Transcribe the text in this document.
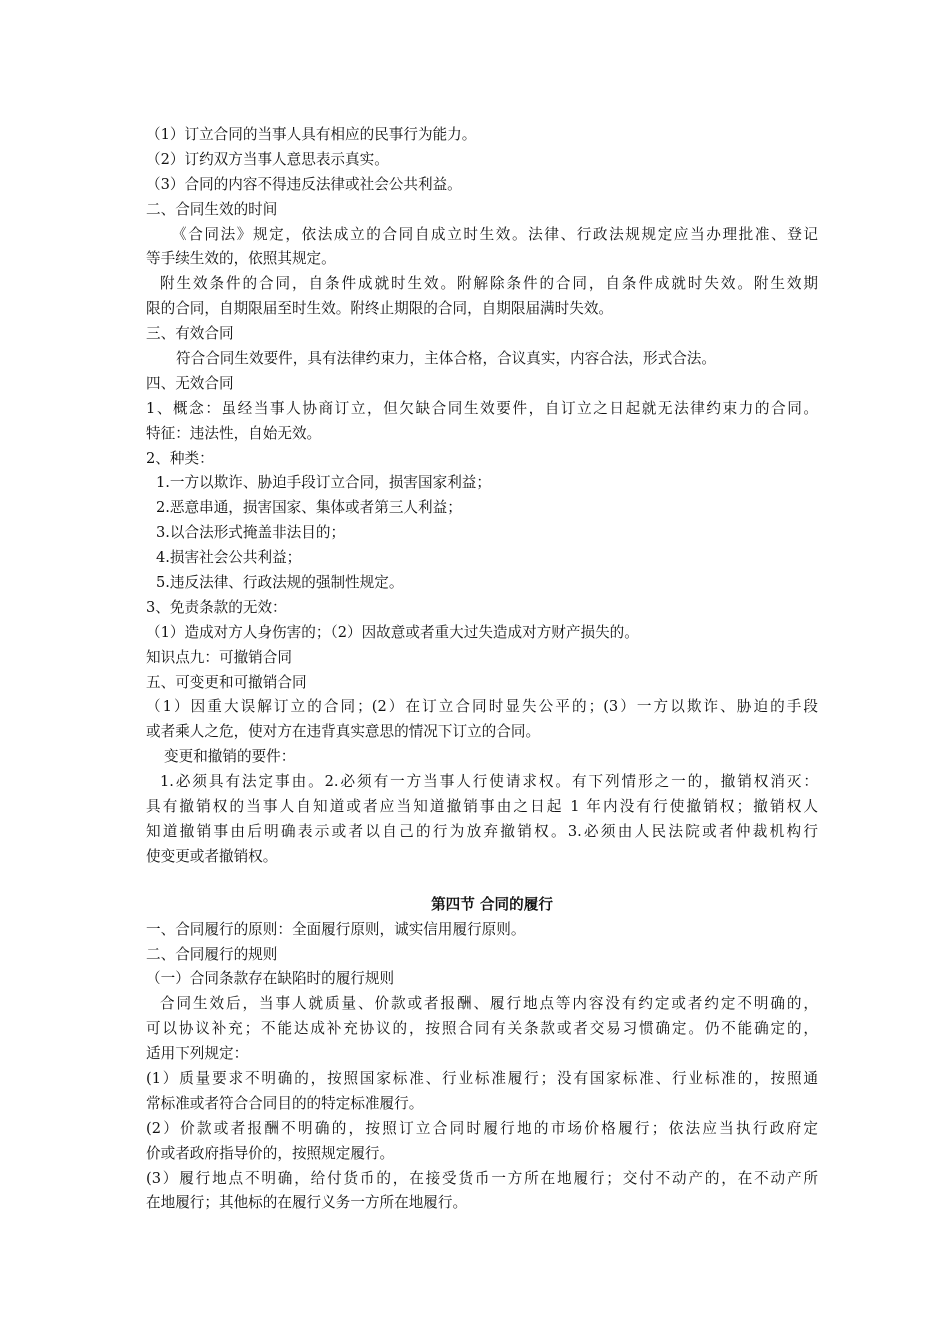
（1）订立合同的当事人具有相应的民事行为能力。
（2）订约双方当事人意思表示真实。
（3）合同的内容不得违反法律或社会公共利益。
二、合同生效的时间
《合同法》规定，依法成立的合同自成立时生效。法律、行政法规规定应当办理批准、登记
等手续生效的，依照其规定。
附生效条件的合同，自条件成就时生效。附解除条件的合同，自条件成就时失效。附生效期
限的合同，自期限届至时生效。附终止期限的合同，自期限届满时失效。
三、有效合同
符合合同生效要件，具有法律约束力，主体合格，合议真实，内容合法，形式合法。
四、无效合同
1、概念：虽经当事人协商订立，但欠缺合同生效要件，自订立之日起就无法律约束力的合同。
特征：违法性，自始无效。
2、种类：
1.一方以欺诈、胁迫手段订立合同，损害国家利益；
2.恶意串通，损害国家、集体或者第三人利益；
3.以合法形式掩盖非法目的；
4.损害社会公共利益；
5.违反法律、行政法规的强制性规定。
3、免责条款的无效：
（1）造成对方人身伤害的；（2）因故意或者重大过失造成对方财产损失的。
知识点九：可撤销合同
五、可变更和可撤销合同
（1）因重大误解订立的合同；(2）在订立合同时显失公平的；(3）一方以欺诈、胁迫的手段
或者乘人之危，使对方在违背真实意思的情况下订立的合同。
变更和撤销的要件：
1.必须具有法定事由。2.必须有一方当事人行使请求权。有下列情形之一的，撤销权消灭：
具有撤销权的当事人自知道或者应当知道撤销事由之日起 1 年内没有行使撤销权；撤销权人
知道撤销事由后明确表示或者以自己的行为放弃撤销权。3.必须由人民法院或者仲裁机构行
使变更或者撤销权。
第四节 合同的履行
一、合同履行的原则：全面履行原则，诚实信用履行原则。
二、合同履行的规则
（一）合同条款存在缺陷时的履行规则
合同生效后，当事人就质量、价款或者报酬、履行地点等内容没有约定或者约定不明确的，
可以协议补充；不能达成补充协议的，按照合同有关条款或者交易习惯确定。仍不能确定的，
适用下列规定：
(1）质量要求不明确的，按照国家标准、行业标准履行；没有国家标准、行业标准的，按照通
常标准或者符合合同目的的特定标准履行。
(2）价款或者报酬不明确的，按照订立合同时履行地的市场价格履行；依法应当执行政府定
价或者政府指导价的，按照规定履行。
(3）履行地点不明确，给付货币的，在接受货币一方所在地履行；交付不动产的，在不动产所
在地履行；其他标的在履行义务一方所在地履行。
